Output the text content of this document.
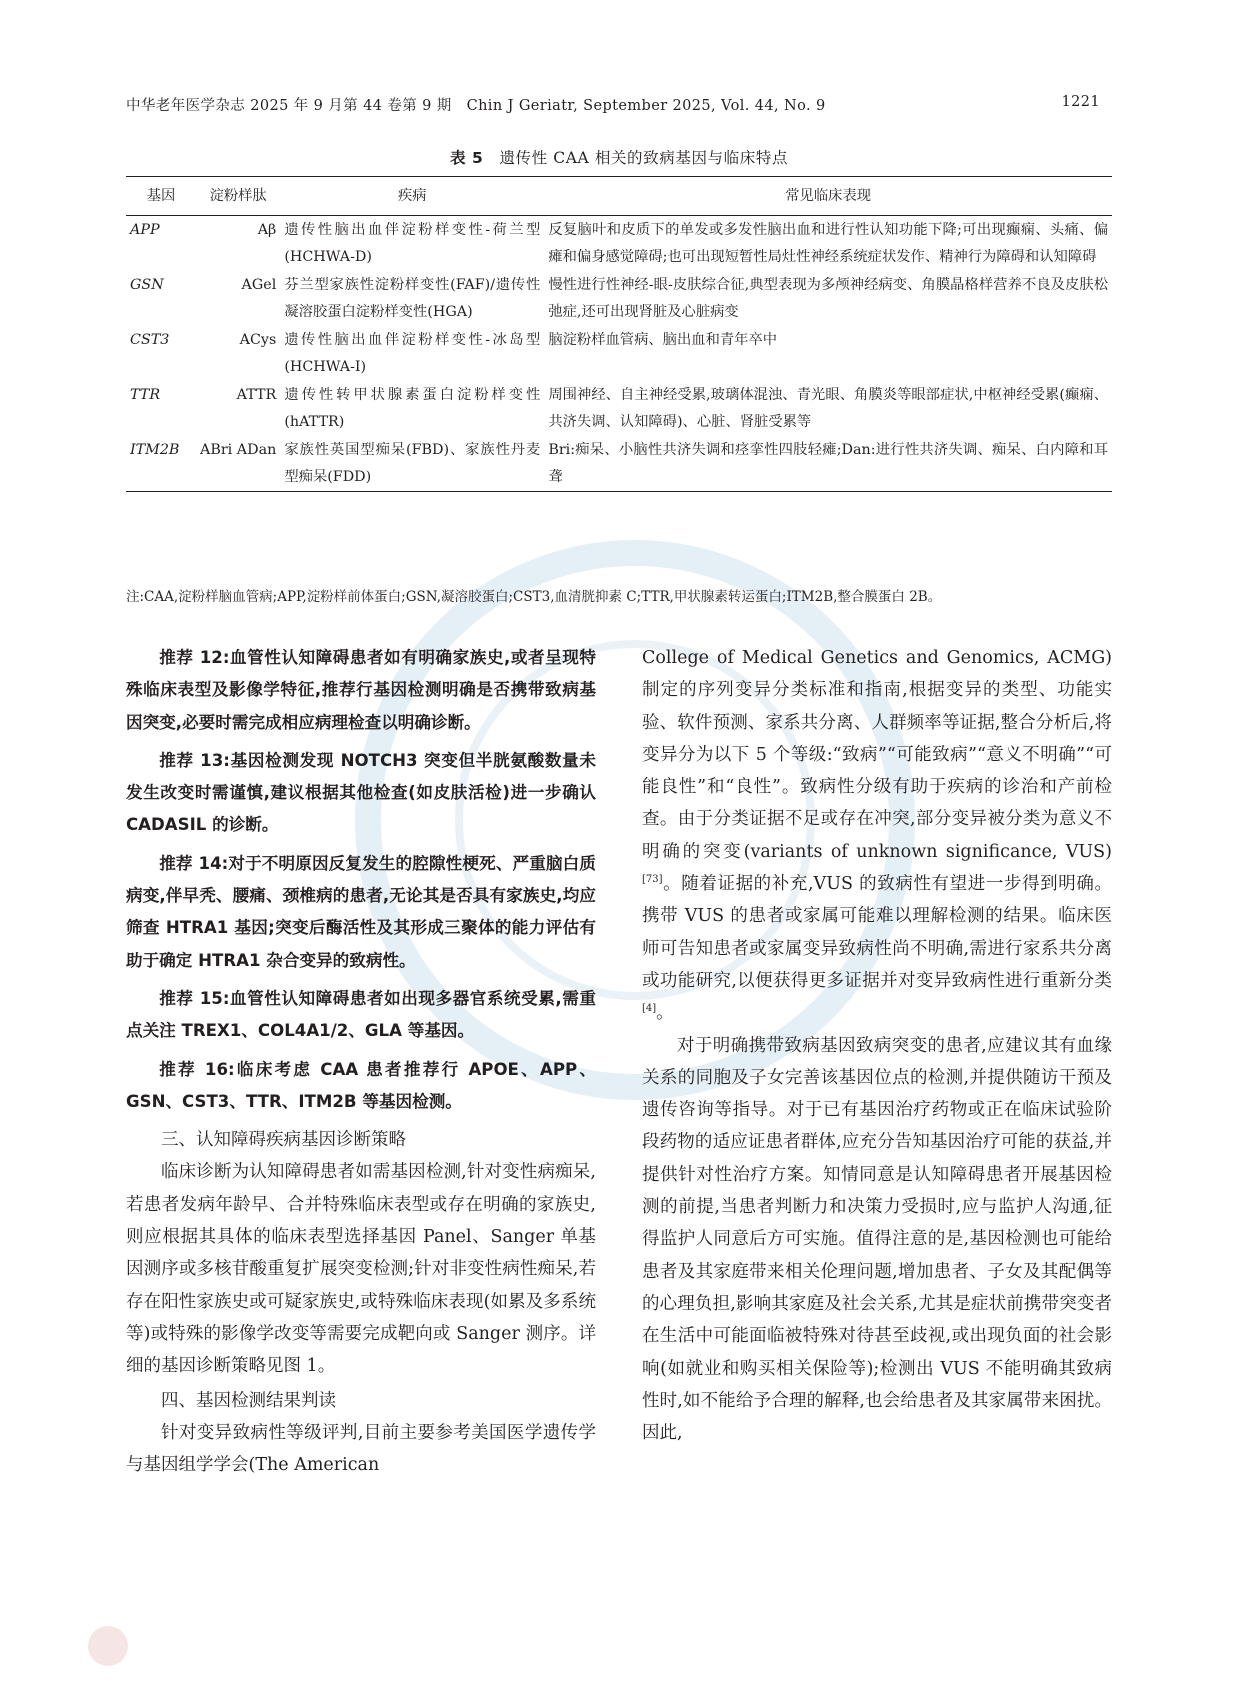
中华老年医学杂志 2025 年 9 月第 44 卷第 9 期　Chin J Geriatr, September 2025, Vol. 44, No. 9	1221
表 5 遗传性 CAA 相关的致病基因与临床特点
基因	淀粉样肽	疾病	常见临床表现
APP	Aβ	遗传性脑出血伴淀粉样变性-荷兰型(HCHWA-D)	反复脑叶和皮质下的单发或多发性脑出血和进行性认知功能下降;可出现癫痫、头痛、偏瘫和偏身感觉障碍;也可出现短暂性局灶性神经系统症状发作、精神行为障碍和认知障碍
GSN	AGel	芬兰型家族性淀粉样变性(FAF)/遗传性凝溶胶蛋白淀粉样变性(HGA)	慢性进行性神经-眼-皮肤综合征,典型表现为多颅神经病变、角膜晶格样营养不良及皮肤松弛症,还可出现肾脏及心脏病变
CST3	ACys	遗传性脑出血伴淀粉样变性-冰岛型(HCHWA-I)	脑淀粉样血管病、脑出血和青年卒中
TTR	ATTR	遗传性转甲状腺素蛋白淀粉样变性(hATTR)	周围神经、自主神经受累,玻璃体混浊、青光眼、角膜炎等眼部症状,中枢神经受累(癫痫、共济失调、认知障碍)、心脏、肾脏受累等
ITM2B	ABri ADan	家族性英国型痴呆(FBD)、家族性丹麦型痴呆(FDD)	Bri:痴呆、小脑性共济失调和痉挛性四肢轻瘫;Dan:进行性共济失调、痴呆、白内障和耳聋
注:CAA,淀粉样脑血管病;APP,淀粉样前体蛋白;GSN,凝溶胶蛋白;CST3,血清胱抑素 C;TTR,甲状腺素转运蛋白;ITM2B,整合膜蛋白 2B。

推荐 12:血管性认知障碍患者如有明确家族史,或者呈现特殊临床表型及影像学特征,推荐行基因检测明确是否携带致病基因突变,必要时需完成相应病理检查以明确诊断。

推荐 13:基因检测发现 NOTCH3 突变但半胱氨酸数量未发生改变时需谨慎,建议根据其他检查(如皮肤活检)进一步确认 CADASIL 的诊断。

推荐 14:对于不明原因反复发生的腔隙性梗死、严重脑白质病变,伴早秃、腰痛、颈椎病的患者,无论其是否具有家族史,均应筛查 HTRA1 基因;突变后酶活性及其形成三聚体的能力评估有助于确定 HTRA1 杂合变异的致病性。

推荐 15:血管性认知障碍患者如出现多器官系统受累,需重点关注 TREX1、COL4A1/2、GLA 等基因。

推荐 16:临床考虑 CAA 患者推荐行 APOE、APP、GSN、CST3、TTR、ITM2B 等基因检测。

三、认知障碍疾病基因诊断策略

临床诊断为认知障碍患者如需基因检测,针对变性病痴呆,若患者发病年龄早、合并特殊临床表型或存在明确的家族史,则应根据其具体的临床表型选择基因 Panel、Sanger 单基因测序或多核苷酸重复扩展突变检测;针对非变性病性痴呆,若存在阳性家族史或可疑家族史,或特殊临床表现(如累及多系统等)或特殊的影像学改变等需要完成靶向或 Sanger 测序。详细的基因诊断策略见图 1。

四、基因检测结果判读

针对变异致病性等级评判,目前主要参考美国医学遗传学与基因组学学会(The American

College of Medical Genetics and Genomics, ACMG)制定的序列变异分类标准和指南,根据变异的类型、功能实验、软件预测、家系共分离、人群频率等证据,整合分析后,将变异分为以下 5 个等级:“致病”“可能致病”“意义不明确”“可能良性”和“良性”。致病性分级有助于疾病的诊治和产前检查。由于分类证据不足或存在冲突,部分变异被分类为意义不明确的突变(variants of unknown significance, VUS)[73]。随着证据的补充,VUS 的致病性有望进一步得到明确。携带 VUS 的患者或家属可能难以理解检测的结果。临床医师可告知患者或家属变异致病性尚不明确,需进行家系共分离或功能研究,以便获得更多证据并对变异致病性进行重新分类[4]。

对于明确携带致病基因致病突变的患者,应建议其有血缘关系的同胞及子女完善该基因位点的检测,并提供随访干预及遗传咨询等指导。对于已有基因治疗药物或正在临床试验阶段药物的适应证患者群体,应充分告知基因治疗可能的获益,并提供针对性治疗方案。知情同意是认知障碍患者开展基因检测的前提,当患者判断力和决策力受损时,应与监护人沟通,征得监护人同意后方可实施。值得注意的是,基因检测也可能给患者及其家庭带来相关伦理问题,增加患者、子女及其配偶等的心理负担,影响其家庭及社会关系,尤其是症状前携带突变者在生活中可能面临被特殊对待甚至歧视,或出现负面的社会影响(如就业和购买相关保险等);检测出 VUS 不能明确其致病性时,如不能给予合理的解释,也会给患者及其家属带来困扰。因此,
